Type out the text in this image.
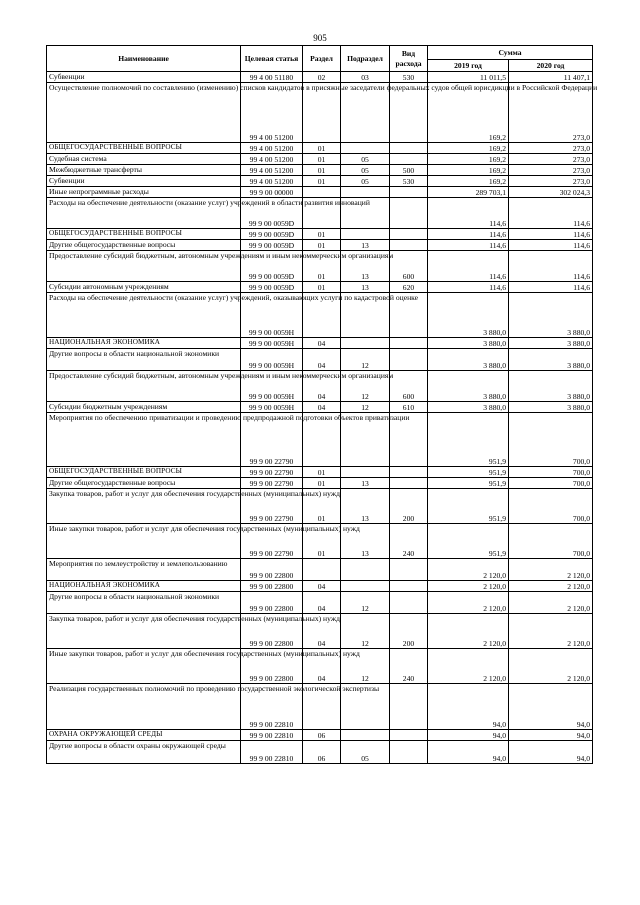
905
Наименование	Целевая статья	Раздел	Подраздел	Вид расхода	Сумма	
					2019 год	2020 год
Субвенции	99 4 00 51180	02	03	530	11 011,5	11 407,1
Осуществление полномочий по составлению (изменению) списков кандидатов в присяжные заседатели федеральных судов общей юрисдикции в Российской Федерации	99 4 00 51200				169,2	273,0
ОБЩЕГОСУДАРСТВЕННЫЕ ВОПРОСЫ	99 4 00 51200	01			169,2	273,0
Судебная система	99 4 00 51200	01	05		169,2	273,0
Межбюджетные трансферты	99 4 00 51200	01	05	500	169,2	273,0
Субвенции	99 4 00 51200	01	05	530	169,2	273,0
Иные непрограммные расходы	99 9 00 00000				289 703,1	302 024,3
Расходы на обеспечение деятельности (оказание услуг) учреждений в области развития инноваций	99 9 00 0059D				114,6	114,6
ОБЩЕГОСУДАРСТВЕННЫЕ ВОПРОСЫ	99 9 00 0059D	01			114,6	114,6
Другие общегосударственные вопросы	99 9 00 0059D	01	13		114,6	114,6
Предоставление субсидий бюджетным, автономным учреждениям и иным некоммерческим организациям	99 9 00 0059D	01	13	600	114,6	114,6
Субсидии автономным учреждениям	99 9 00 0059D	01	13	620	114,6	114,6
Расходы на обеспечение деятельности (оказание услуг) учреждений, оказывающих услуги по кадастровой оценке	99 9 00 0059H				3 880,0	3 880,0
НАЦИОНАЛЬНАЯ ЭКОНОМИКА	99 9 00 0059H	04			3 880,0	3 880,0
Другие вопросы в области национальной экономики	99 9 00 0059H	04	12		3 880,0	3 880,0
Предоставление субсидий бюджетным, автономным учреждениям и иным некоммерческим организациям	99 9 00 0059H	04	12	600	3 880,0	3 880,0
Субсидии бюджетным учреждениям	99 9 00 0059H	04	12	610	3 880,0	3 880,0
Мероприятия по обеспечению приватизации и проведению предпродажной подготовки объектов приватизации	99 9 00 22790				951,9	700,0
ОБЩЕГОСУДАРСТВЕННЫЕ ВОПРОСЫ	99 9 00 22790	01			951,9	700,0
Другие общегосударственные вопросы	99 9 00 22790	01	13		951,9	700,0
Закупка товаров, работ и услуг для обеспечения государственных (муниципальных) нужд	99 9 00 22790	01	13	200	951,9	700,0
Иные закупки товаров, работ и услуг для обеспечения государственных (муниципальных) нужд	99 9 00 22790	01	13	240	951,9	700,0
Мероприятия по землеустройству и землепользованию	99 9 00 22800				2 120,0	2 120,0
НАЦИОНАЛЬНАЯ ЭКОНОМИКА	99 9 00 22800	04			2 120,0	2 120,0
Другие вопросы в области национальной экономики	99 9 00 22800	04	12		2 120,0	2 120,0
Закупка товаров, работ и услуг для обеспечения государственных (муниципальных) нужд	99 9 00 22800	04	12	200	2 120,0	2 120,0
Иные закупки товаров, работ и услуг для обеспечения государственных (муниципальных) нужд	99 9 00 22800	04	12	240	2 120,0	2 120,0
Реализация государственных полномочий по проведению государственной экологической экспертизы	99 9 00 22810				94,0	94,0
ОХРАНА ОКРУЖАЮЩЕЙ СРЕДЫ	99 9 00 22810	06			94,0	94,0
Другие вопросы в области охраны окружающей среды	99 9 00 22810	06	05		94,0	94,0
